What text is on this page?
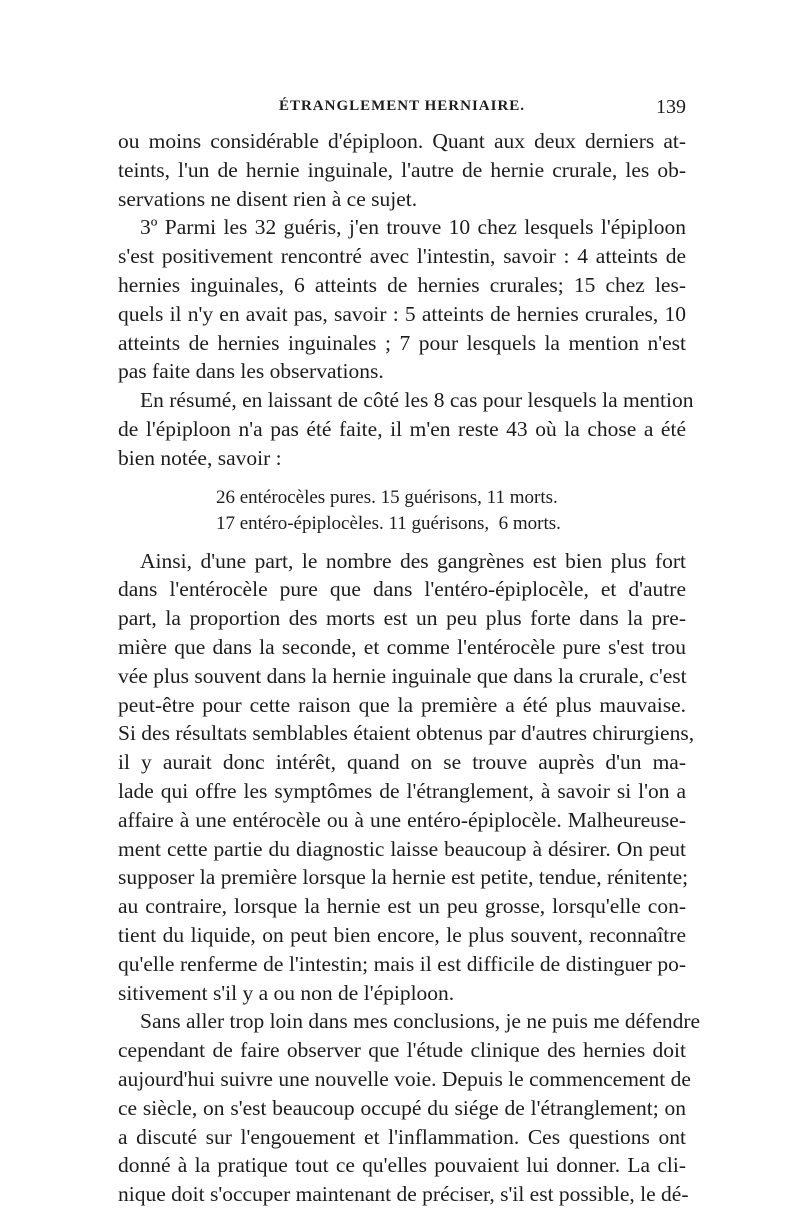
ÉTRANGLEMENT HERNIAIRE.	139
ou moins considérable d'épiploon. Quant aux deux derniers at-
teints, l'un de hernie inguinale, l'autre de hernie crurale, les ob-
servations ne disent rien à ce sujet.
3º Parmi les 32 guéris, j'en trouve 10 chez lesquels l'épiploon
s'est positivement rencontré avec l'intestin, savoir : 4 atteints de
hernies inguinales, 6 atteints de hernies crurales; 15 chez les-
quels il n'y en avait pas, savoir : 5 atteints de hernies crurales, 10
atteints de hernies inguinales ; 7 pour lesquels la mention n'est
pas faite dans les observations.
En résumé, en laissant de côté les 8 cas pour lesquels la mention
de l'épiploon n'a pas été faite, il m'en reste 43 où la chose a été
bien notée, savoir :
26 entérocèles pures. 15 guérisons, 11 morts.
17 entéro-épiplocèles. 11 guérisons,  6 morts.
Ainsi, d'une part, le nombre des gangrènes est bien plus fort
dans l'entérocèle pure que dans l'entéro-épiplocèle, et d'autre
part, la proportion des morts est un peu plus forte dans la pre-
mière que dans la seconde, et comme l'entérocèle pure s'est trou
vée plus souvent dans la hernie inguinale que dans la crurale, c'est
peut-être pour cette raison que la première a été plus mauvaise.
Si des résultats semblables étaient obtenus par d'autres chirurgiens,
il y aurait donc intérêt, quand on se trouve auprès d'un ma-
lade qui offre les symptômes de l'étranglement, à savoir si l'on a
affaire à une entérocèle ou à une entéro-épiplocèle. Malheureuse-
ment cette partie du diagnostic laisse beaucoup à désirer. On peut
supposer la première lorsque la hernie est petite, tendue, rénitente;
au contraire, lorsque la hernie est un peu grosse, lorsqu'elle con-
tient du liquide, on peut bien encore, le plus souvent, reconnaître
qu'elle renferme de l'intestin; mais il est difficile de distinguer po-
sitivement s'il y a ou non de l'épiploon.
Sans aller trop loin dans mes conclusions, je ne puis me défendre
cependant de faire observer que l'étude clinique des hernies doit
aujourd'hui suivre une nouvelle voie. Depuis le commencement de
ce siècle, on s'est beaucoup occupé du siége de l'étranglement; on
a discuté sur l'engouement et l'inflammation. Ces questions ont
donné à la pratique tout ce qu'elles pouvaient lui donner. La cli-
nique doit s'occuper maintenant de préciser, s'il est possible, le dé-
